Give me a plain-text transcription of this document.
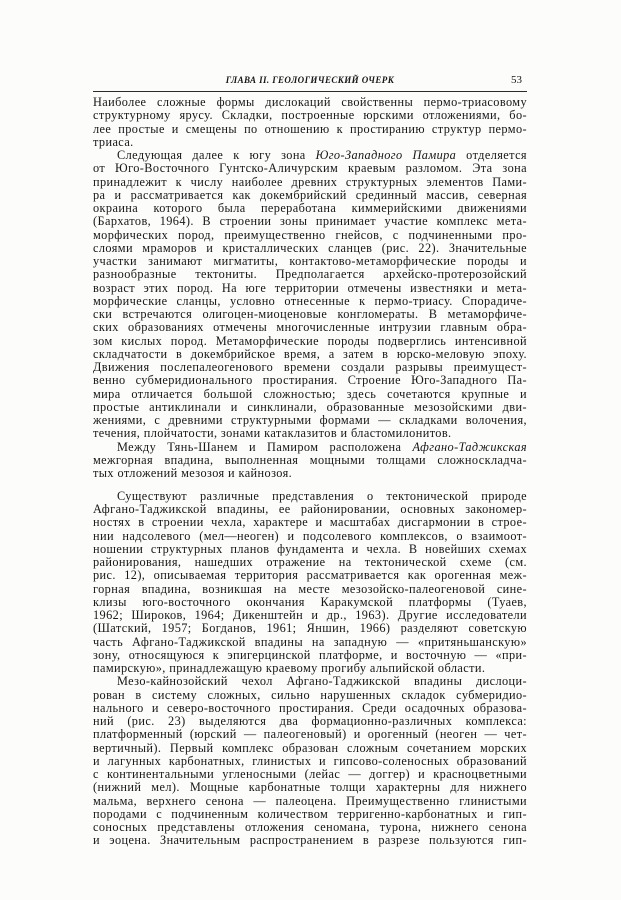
ГЛАВА II. ГЕОЛОГИЧЕСКИЙ ОЧЕРК	53
Наиболее сложные формы дислокаций свойственны пермо-триасовому
структурному ярусу. Складки, построенные юрскими отложениями, бо-
лее простые и смещены по отношению к простиранию структур пермо-
триаса.
Следующая далее к югу зона Юго-Западного Памира отделяется
от Юго-Восточного Гунтско-Аличурским краевым разломом. Эта зона
принадлежит к числу наиболее древних структурных элементов Пами-
ра и рассматривается как докембрийский срединный массив, северная
окраина которого была переработана киммерийскими движениями
(Бархатов, 1964). В строении зоны принимает участие комплекс мета-
морфических пород, преимущественно гнейсов, с подчиненными про-
слоями мраморов и кристаллических сланцев (рис. 22). Значительные
участки занимают мигматиты, контактово-метаморфические породы и
разнообразные тектониты. Предполагается архейско-протерозойский
возраст этих пород. На юге территории отмечены известняки и мета-
морфические сланцы, условно отнесенные к пермо-триасу. Спорадиче-
ски встречаются олигоцен-миоценовые конгломераты. В метаморфиче-
ских образованиях отмечены многочисленные интрузии главным обра-
зом кислых пород. Метаморфические породы подверглись интенсивной
складчатости в докембрийское время, а затем в юрско-меловую эпоху.
Движения послепалеогенового времени создали разрывы преимущест-
венно субмеридионального простирания. Строение Юго-Западного Па-
мира отличается большой сложностью; здесь сочетаются крупные и
простые антиклинали и синклинали, образованные мезозойскими дви-
жениями, с древними структурными формами — складками волочения,
течения, плойчатости, зонами катаклазитов и бластомилонитов.
Между Тянь-Шанем и Памиром расположена Афгано-Таджикская
межгорная впадина, выполненная мощными толщами сложноскладча-
тых отложений мезозоя и кайнозоя.
Существуют различные представления о тектонической природе
Афгано-Таджикской впадины, ее районировании, основных закономер-
ностях в строении чехла, характере и масштабах дисгармонии в строе-
нии надсолевого (мел—неоген) и подсолевого комплексов, о взаимоот-
ношении структурных планов фундамента и чехла. В новейших схемах
районирования, нашедших отражение на тектонической схеме (см.
рис. 12), описываемая территория рассматривается как орогенная меж-
горная впадина, возникшая на месте мезозойско-палеогеновой сине-
клизы юго-восточного окончания Каракумской платформы (Туаев,
1962; Широков, 1964; Дикенштейн и др., 1963). Другие исследователи
(Шатский, 1957; Богданов, 1961; Яншин, 1966) разделяют советскую
часть Афгано-Таджикской впадины на западную — «притяньшанскую»
зону, относящуюся к эпигерцинской платформе, и восточную — «при-
памирскую», принадлежащую краевому прогибу альпийской области.
Мезо-кайнозойский чехол Афгано-Таджикской впадины дислоци-
рован в систему сложных, сильно нарушенных складок субмеридио-
нального и северо-восточного простирания. Среди осадочных образова-
ний (рис. 23) выделяются два формационно-различных комплекса:
платформенный (юрский — палеогеновый) и орогенный (неоген — чет-
вертичный). Первый комплекс образован сложным сочетанием морских
и лагунных карбонатных, глинистых и гипсово-соленосных образований
с континентальными угленосными (лейас — доггер) и красноцветными
(нижний мел). Мощные карбонатные толщи характерны для нижнего
мальма, верхнего сенона — палеоцена. Преимущественно глинистыми
породами с подчиненным количеством терригенно-карбонатных и гип-
соносных представлены отложения сеномана, турона, нижнего сенона
и эоцена. Значительным распространением в разрезе пользуются гип-
